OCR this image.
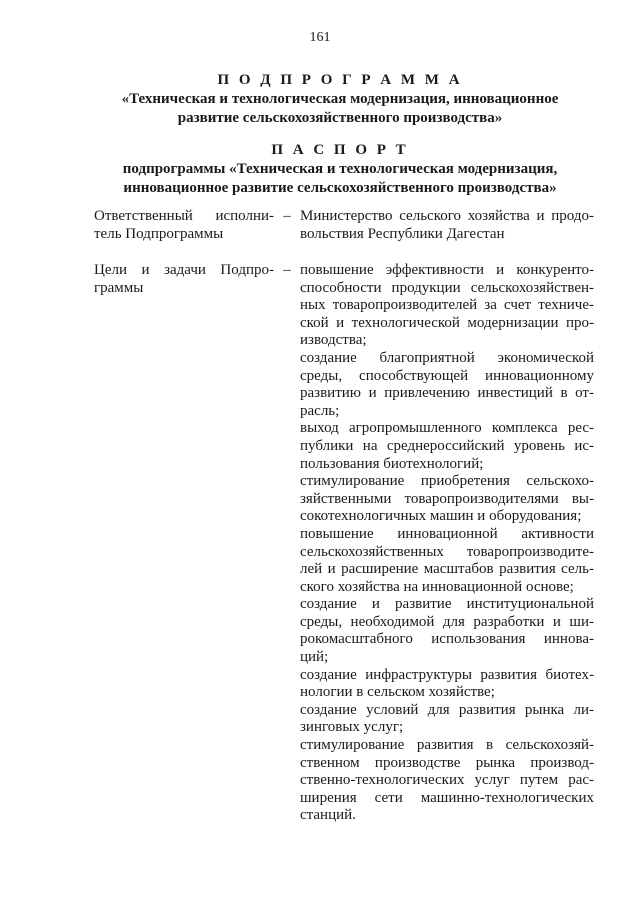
161
П О Д П Р О Г Р А М М А
«Техническая и технологическая модернизация, инновационное
развитие сельскохозяйственного производства»
П А С П О Р Т
подпрограммы «Техническая и технологическая модернизация,
инновационное развитие сельскохозяйственного производства»
Ответственный исполни-
тель Подпрограммы
– Министерство сельского хозяйства и продо-
вольствия Республики Дагестан
Цели и задачи Подпро-
граммы
– повышение эффективности и конкуренто-
способности продукции сельскохозяйствен-
ных товаропроизводителей за счет техниче-
ской и технологической модернизации про-
изводства;
создание благоприятной экономической
среды, способствующей инновационному
развитию и привлечению инвестиций в от-
расль;
выход агропромышленного комплекса рес-
публики на среднероссийский уровень ис-
пользования биотехнологий;
стимулирование приобретения сельскохо-
зяйственными товаропроизводителями вы-
сокотехнологичных машин и оборудования;
повышение инновационной активности
сельскохозяйственных товаропроизводите-
лей и расширение масштабов развития сель-
ского хозяйства на инновационной основе;
создание и развитие институциональной
среды, необходимой для разработки и ши-
рокомасштабного использования иннова-
ций;
создание инфраструктуры развития биотех-
нологии в сельском хозяйстве;
создание условий для развития рынка ли-
зинговых услуг;
стимулирование развития в сельскохозяй-
ственном производстве рынка производ-
ственно-технологических услуг путем рас-
ширения сети машинно-технологических
станций.
